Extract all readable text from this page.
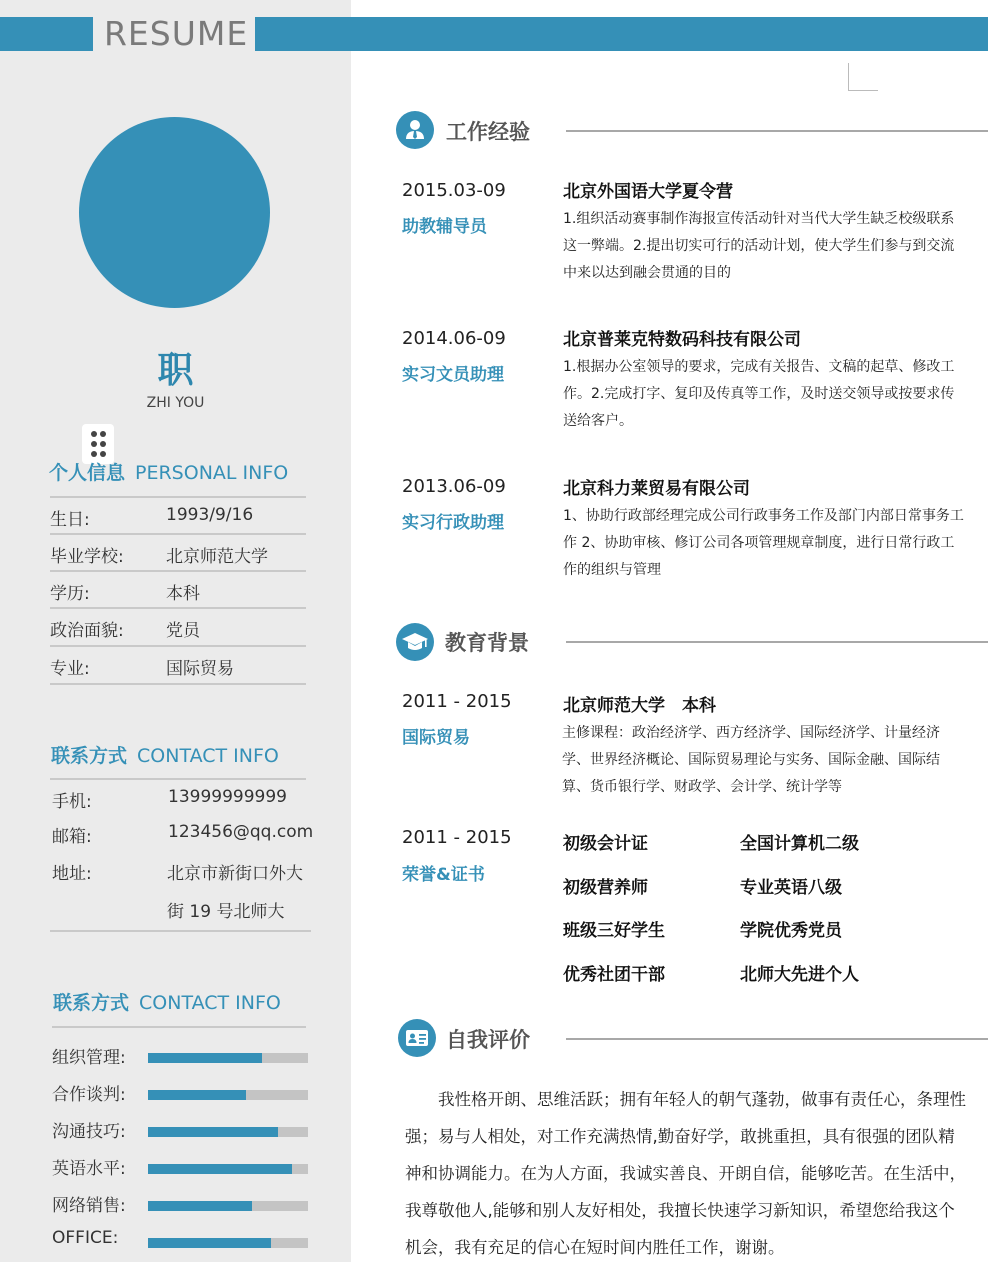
RESUME
职
ZHI YOU
个人信息 PERSONAL INFO
生日:	1993/9/16
毕业学校: 北京师范大学
学历:	本科
政治面貌: 党员
专业:	国际贸易
联系方式 CONTACT INFO
手机:	13999999999
邮箱:	123456@qq.com
地址:	北京市新街口外大
街 19 号北师大
联系方式 CONTACT INFO
组织管理:
合作谈判:
沟通技巧:
英语水平:
网络销售:
OFFICE:
工作经验
2015.03-09
助教辅导员
北京外国语大学夏令营
1.组织活动赛事制作海报宣传活动针对当代大学生缺乏校级联系这一弊端。2.提出切实可行的活动计划，使大学生们参与到交流中来以达到融会贯通的目的
2014.06-09
实习文员助理
北京普莱克特数码科技有限公司
1.根据办公室领导的要求，完成有关报告、文稿的起草、修改工作。2.完成打字、复印及传真等工作，及时送交领导或按要求传送给客户。
2013.06-09
实习行政助理
北京科力莱贸易有限公司
1、协助行政部经理完成公司行政事务工作及部门内部日常事务工作 2、协助审核、修订公司各项管理规章制度，进行日常行政工作的组织与管理
教育背景
2011 - 2015
国际贸易
北京师范大学　本科
主修课程：政治经济学、西方经济学、国际经济学、计量经济学、世界经济概论、国际贸易理论与实务、国际金融、国际结算、货币银行学、财政学、会计学、统计学等
2011 - 2015
荣誉&证书
初级会计证	全国计算机二级
初级营养师	专业英语八级
班级三好学生	学院优秀党员
优秀社团干部	北师大先进个人
自我评价
我性格开朗、思维活跃；拥有年轻人的朝气蓬勃，做事有责任心，条理性强；易与人相处，对工作充满热情,勤奋好学，敢挑重担，具有很强的团队精神和协调能力。在为人方面，我诚实善良、开朗自信，能够吃苦。在生活中，我尊敬他人,能够和别人友好相处，我擅长快速学习新知识，希望您给我这个机会，我有充足的信心在短时间内胜任工作，谢谢。
